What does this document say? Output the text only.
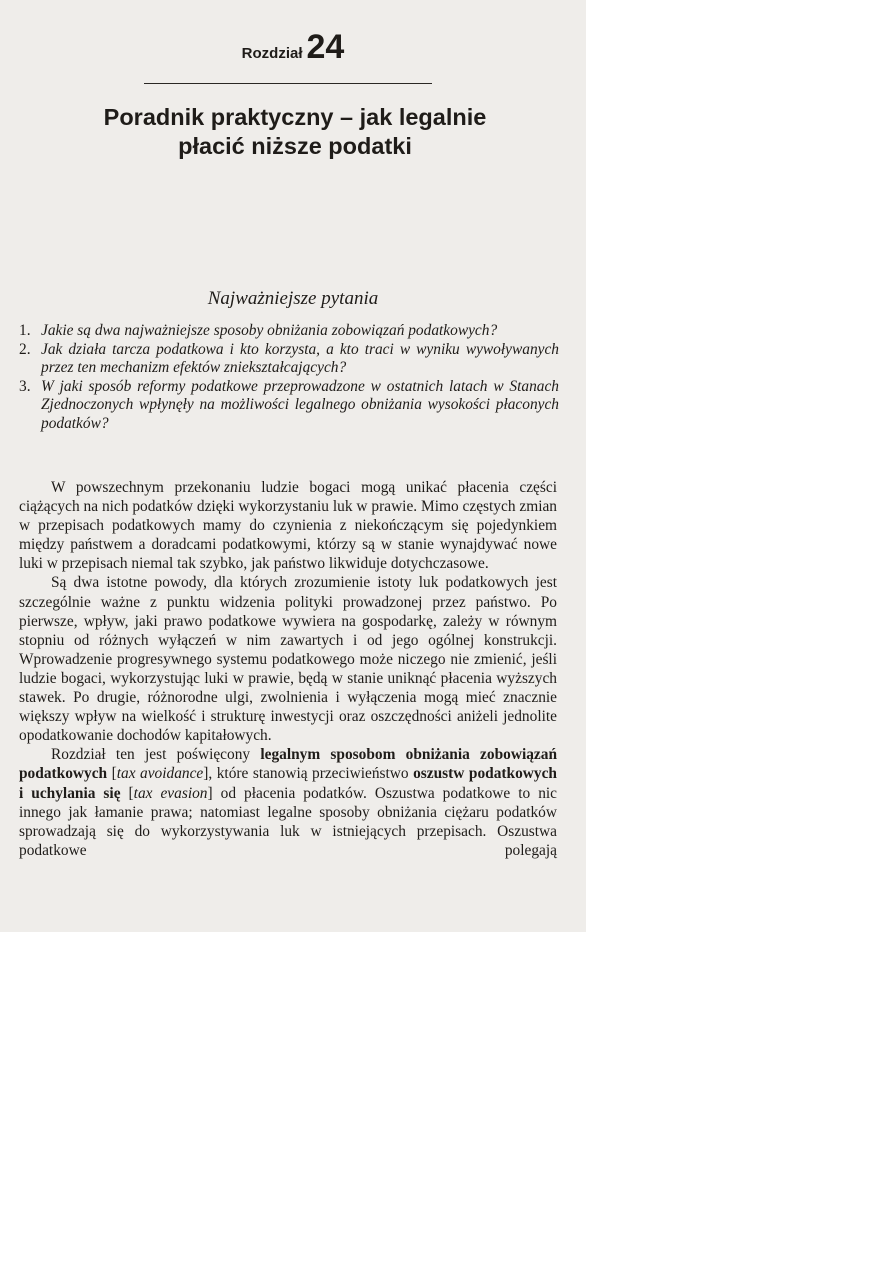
Rozdział 24
Poradnik praktyczny – jak legalnie
płacić niższe podatki
Najważniejsze pytania
1. Jakie są dwa najważniejsze sposoby obniżania zobowiązań podatkowych?
2. Jak działa tarcza podatkowa i kto korzysta, a kto traci w wyniku wywoływanych przez ten mechanizm efektów zniekształcających?
3. W jaki sposób reformy podatkowe przeprowadzone w ostatnich latach w Stanach Zjednoczonych wpłynęły na możliwości legalnego obniżania wysokości płaconych podatków?

W powszechnym przekonaniu ludzie bogaci mogą unikać płacenia części ciążących na nich podatków dzięki wykorzystaniu luk w prawie. Mimo częstych zmian w przepisach podatkowych mamy do czynienia z niekończącym się pojedynkiem między państwem a doradcami podatkowymi, którzy są w stanie wynajdywać nowe luki w przepisach niemal tak szybko, jak państwo likwiduje dotychczasowe.

Są dwa istotne powody, dla których zrozumienie istoty luk podatkowych jest szczególnie ważne z punktu widzenia polityki prowadzonej przez państwo. Po pierwsze, wpływ, jaki prawo podatkowe wywiera na gospodarkę, zależy w równym stopniu od różnych wyłączeń w nim zawartych i od jego ogólnej konstrukcji. Wprowadzenie progresywnego systemu podatkowego może niczego nie zmienić, jeśli ludzie bogaci, wykorzystując luki w prawie, będą w stanie uniknąć płacenia wyższych stawek. Po drugie, różnorodne ulgi, zwolnienia i wyłączenia mogą mieć znacznie większy wpływ na wielkość i strukturę inwestycji oraz oszczędności aniżeli jednolite opodatkowanie dochodów kapitałowych.

Rozdział ten jest poświęcony legalnym sposobom obniżania zobowiązań podatkowych [tax avoidance], które stanowią przeciwieństwo oszustw podatkowych i uchylania się [tax evasion] od płacenia podatków. Oszustwa podatkowe to nic innego jak łamanie prawa; natomiast legalne sposoby obniżania ciężaru podatków sprowadzają się do wykorzystywania luk w istniejących przepisach. Oszustwa podatkowe polegają
